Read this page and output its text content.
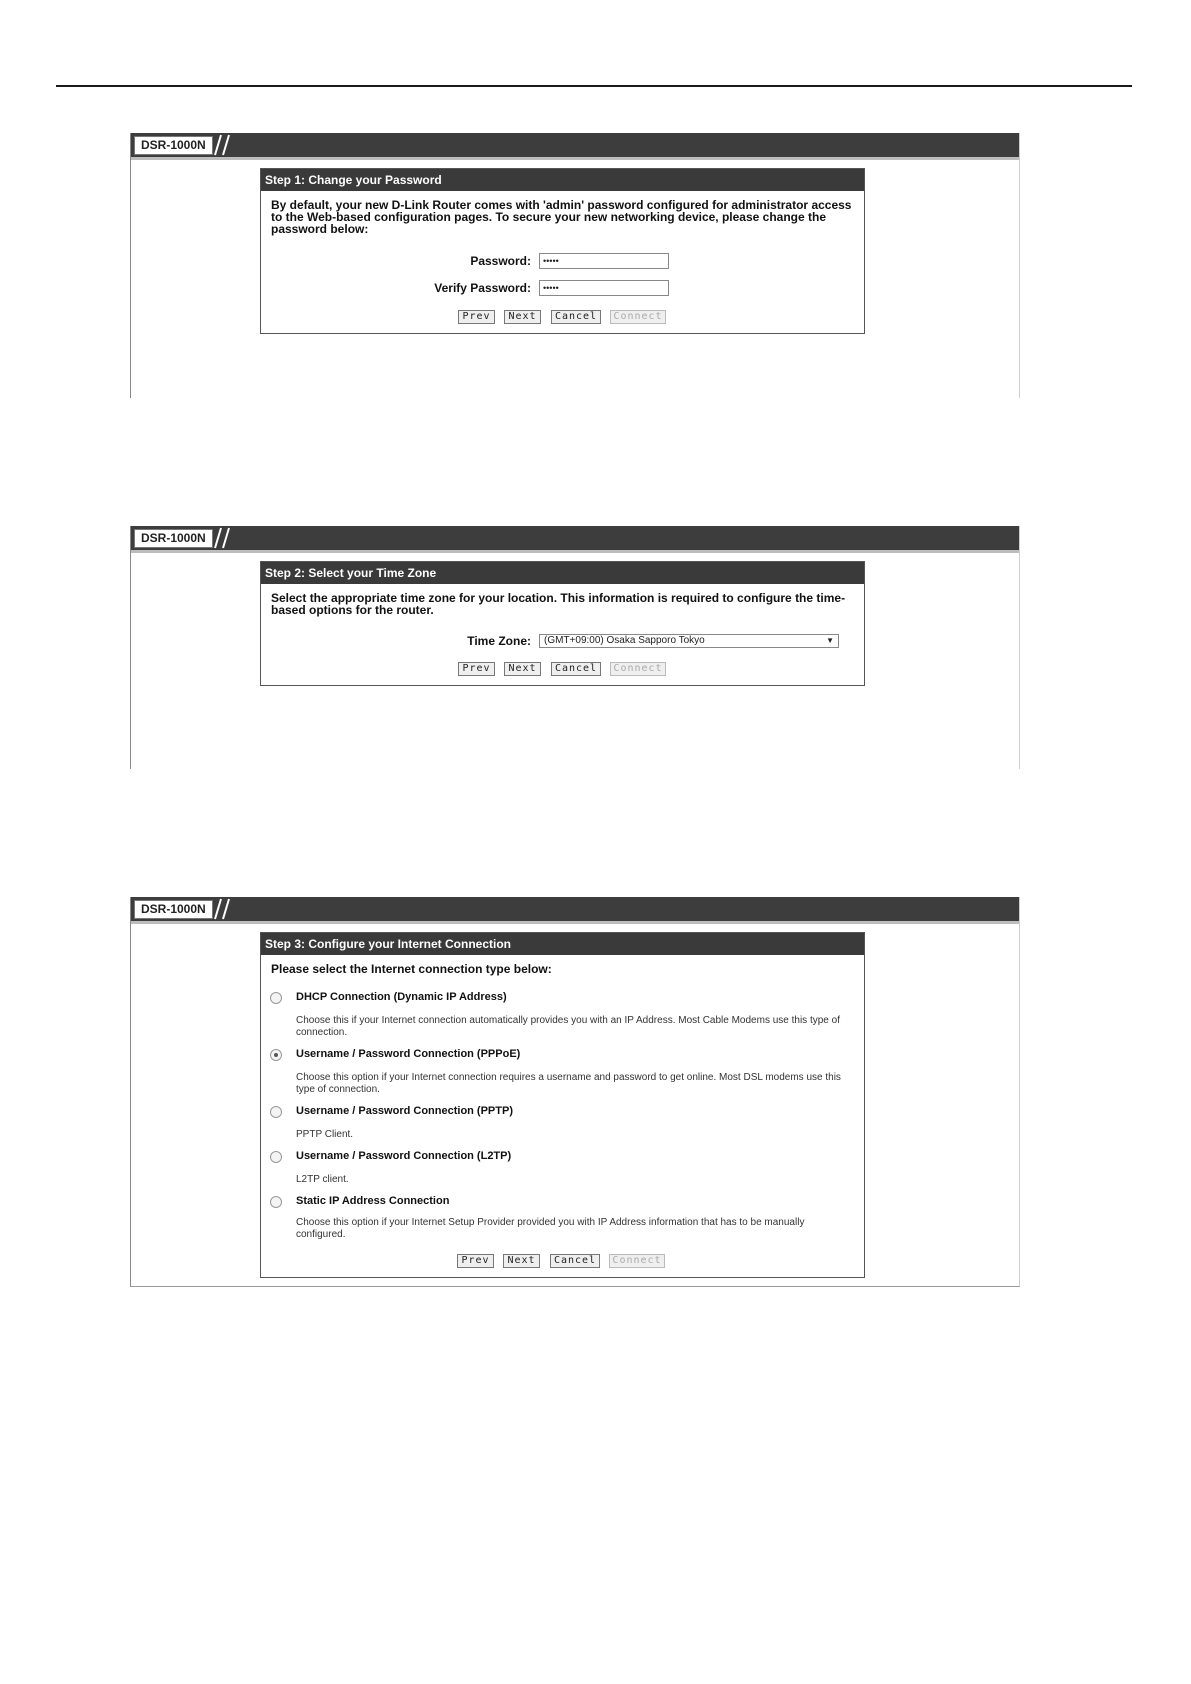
DSR-1000N
Step 1: Change your Password
By default, your new D-Link Router comes with 'admin' password configured for administrator access to the Web-based configuration pages. To secure your new networking device, please change the password below:
Password:	•••••
Verify Password:	•••••
Prev	Next	Cancel	Connect
DSR-1000N
Step 2: Select your Time Zone
Select the appropriate time zone for your location. This information is required to configure the time-based options for the router.
Time Zone:	(GMT+09:00) Osaka Sapporo Tokyo	▼
Prev	Next	Cancel	Connect
DSR-1000N
Step 3: Configure your Internet Connection
Please select the Internet connection type below:
DHCP Connection (Dynamic IP Address)
Choose this if your Internet connection automatically provides you with an IP Address. Most Cable Modems use this type of connection.
Username / Password Connection (PPPoE)
Choose this option if your Internet connection requires a username and password to get online. Most DSL modems use this type of connection.
Username / Password Connection (PPTP)
PPTP Client.
Username / Password Connection (L2TP)
L2TP client.
Static IP Address Connection
Choose this option if your Internet Setup Provider provided you with IP Address information that has to be manually configured.
Prev	Next	Cancel	Connect
